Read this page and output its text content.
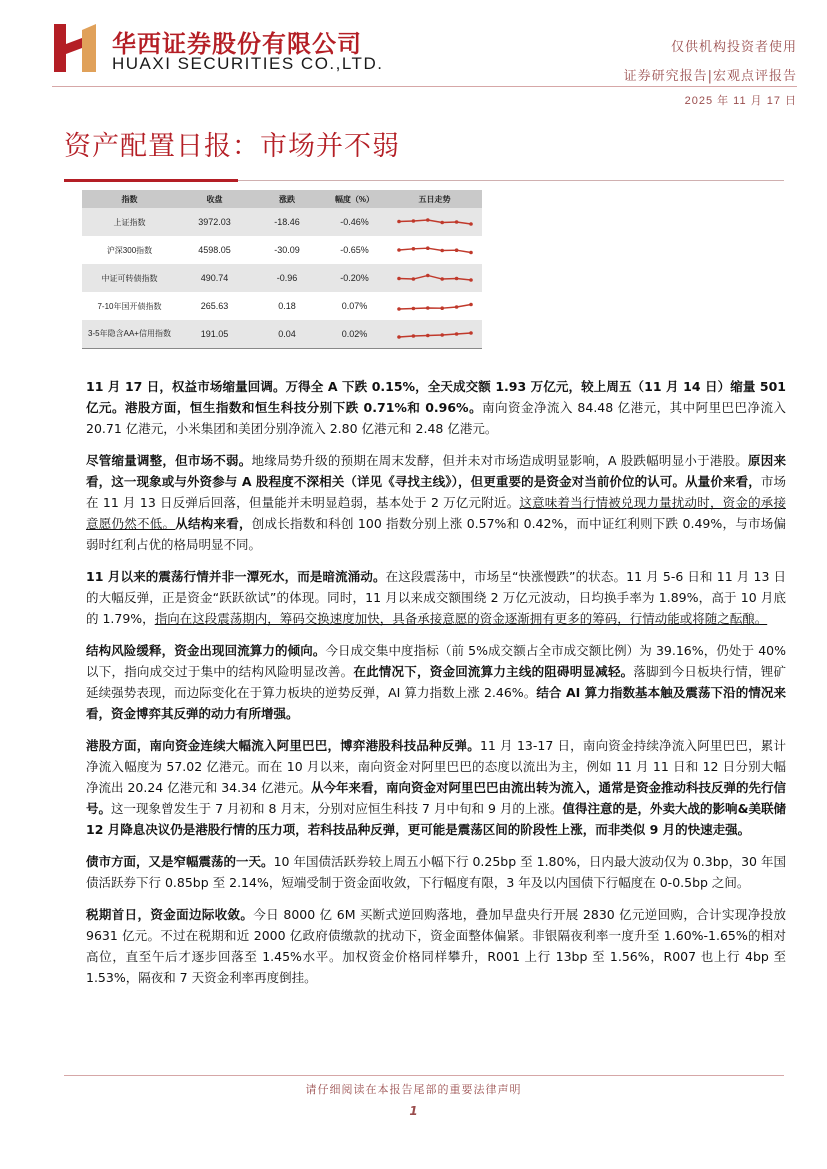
华西证券股份有限公司
HUAXI SECURITIES CO.,LTD.
仅供机构投资者使用
证券研究报告|宏观点评报告
2025 年 11 月 17 日
资产配置日报：市场并不弱
指数	收盘	涨跌	幅度（%）	五日走势
上证指数	3972.03	-18.46	-0.46%	

沪深300指数	4598.05	-30.09	-0.65%	

中证可转债指数	490.74	-0.96	-0.20%	

7-10年国开债指数	265.63	0.18	0.07%	

3-5年隐含AA+信用指数	191.05	0.04	0.02%	

11 月 17 日，权益市场缩量回调。万得全 A 下跌 0.15%，全天成交额 1.93 万亿元，较上周五（11 月 14 日）缩量 501 亿元。港股方面，恒生指数和恒生科技分别下跌 0.71%和 0.96%。南向资金净流入 84.48 亿港元，其中阿里巴巴净流入 20.71 亿港元，小米集团和美团分别净流入 2.80 亿港元和 2.48 亿港元。

尽管缩量调整，但市场不弱。地缘局势升级的预期在周末发酵，但并未对市场造成明显影响，A 股跌幅明显小于港股。原因来看，这一现象或与外资参与 A 股程度不深相关（详见《寻找主线》），但更重要的是资金对当前价位的认可。从量价来看，市场在 11 月 13 日反弹后回落，但量能并未明显趋弱，基本处于 2 万亿元附近。这意味着当行情被兑现力量扰动时，资金的承接意愿仍然不低。从结构来看，创成长指数和科创 100 指数分别上涨 0.57%和 0.42%，而中证红利则下跌 0.49%，与市场偏弱时红利占优的格局明显不同。

11 月以来的震荡行情并非一潭死水，而是暗流涌动。在这段震荡中，市场呈“快涨慢跌”的状态。11 月 5-6 日和 11 月 13 日的大幅反弹，正是资金“跃跃欲试”的体现。同时，11 月以来成交额围绕 2 万亿元波动，日均换手率为 1.89%，高于 10 月底的 1.79%，指向在这段震荡期内，筹码交换速度加快，具备承接意愿的资金逐渐拥有更多的筹码，行情动能或将随之酝酿。

结构风险缓释，资金出现回流算力的倾向。今日成交集中度指标（前 5%成交额占全市成交额比例）为 39.16%，仍处于 40%以下，指向成交过于集中的结构风险明显改善。在此情况下，资金回流算力主线的阻碍明显减轻。落脚到今日板块行情，锂矿延续强势表现，而边际变化在于算力板块的逆势反弹，AI 算力指数上涨 2.46%。结合 AI 算力指数基本触及震荡下沿的情况来看，资金博弈其反弹的动力有所增强。

港股方面，南向资金连续大幅流入阿里巴巴，博弈港股科技品种反弹。11 月 13-17 日，南向资金持续净流入阿里巴巴，累计净流入幅度为 57.02 亿港元。而在 10 月以来，南向资金对阿里巴巴的态度以流出为主，例如 11 月 11 日和 12 日分别大幅净流出 20.24 亿港元和 34.34 亿港元。从今年来看，南向资金对阿里巴巴由流出转为流入，通常是资金推动科技反弹的先行信号。这一现象曾发生于 7 月初和 8 月末，分别对应恒生科技 7 月中旬和 9 月的上涨。值得注意的是，外卖大战的影响&美联储 12 月降息决议仍是港股行情的压力项，若科技品种反弹，更可能是震荡区间的阶段性上涨，而非类似 9 月的快速走强。

债市方面，又是窄幅震荡的一天。10 年国债活跃券较上周五小幅下行 0.25bp 至 1.80%，日内最大波动仅为 0.3bp，30 年国债活跃券下行 0.85bp 至 2.14%，短端受制于资金面收敛，下行幅度有限，3 年及以内国债下行幅度在 0-0.5bp 之间。

税期首日，资金面边际收敛。今日 8000 亿 6M 买断式逆回购落地，叠加早盘央行开展 2830 亿元逆回购，合计实现净投放 9631 亿元。不过在税期和近 2000 亿政府债缴款的扰动下，资金面整体偏紧。非银隔夜利率一度升至 1.60%-1.65%的相对高位，直至午后才逐步回落至 1.45%水平。加权资金价格同样攀升，R001 上行 13bp 至 1.56%，R007 也上行 4bp 至 1.53%，隔夜和 7 天资金利率再度倒挂。

请仔细阅读在本报告尾部的重要法律声明
1
